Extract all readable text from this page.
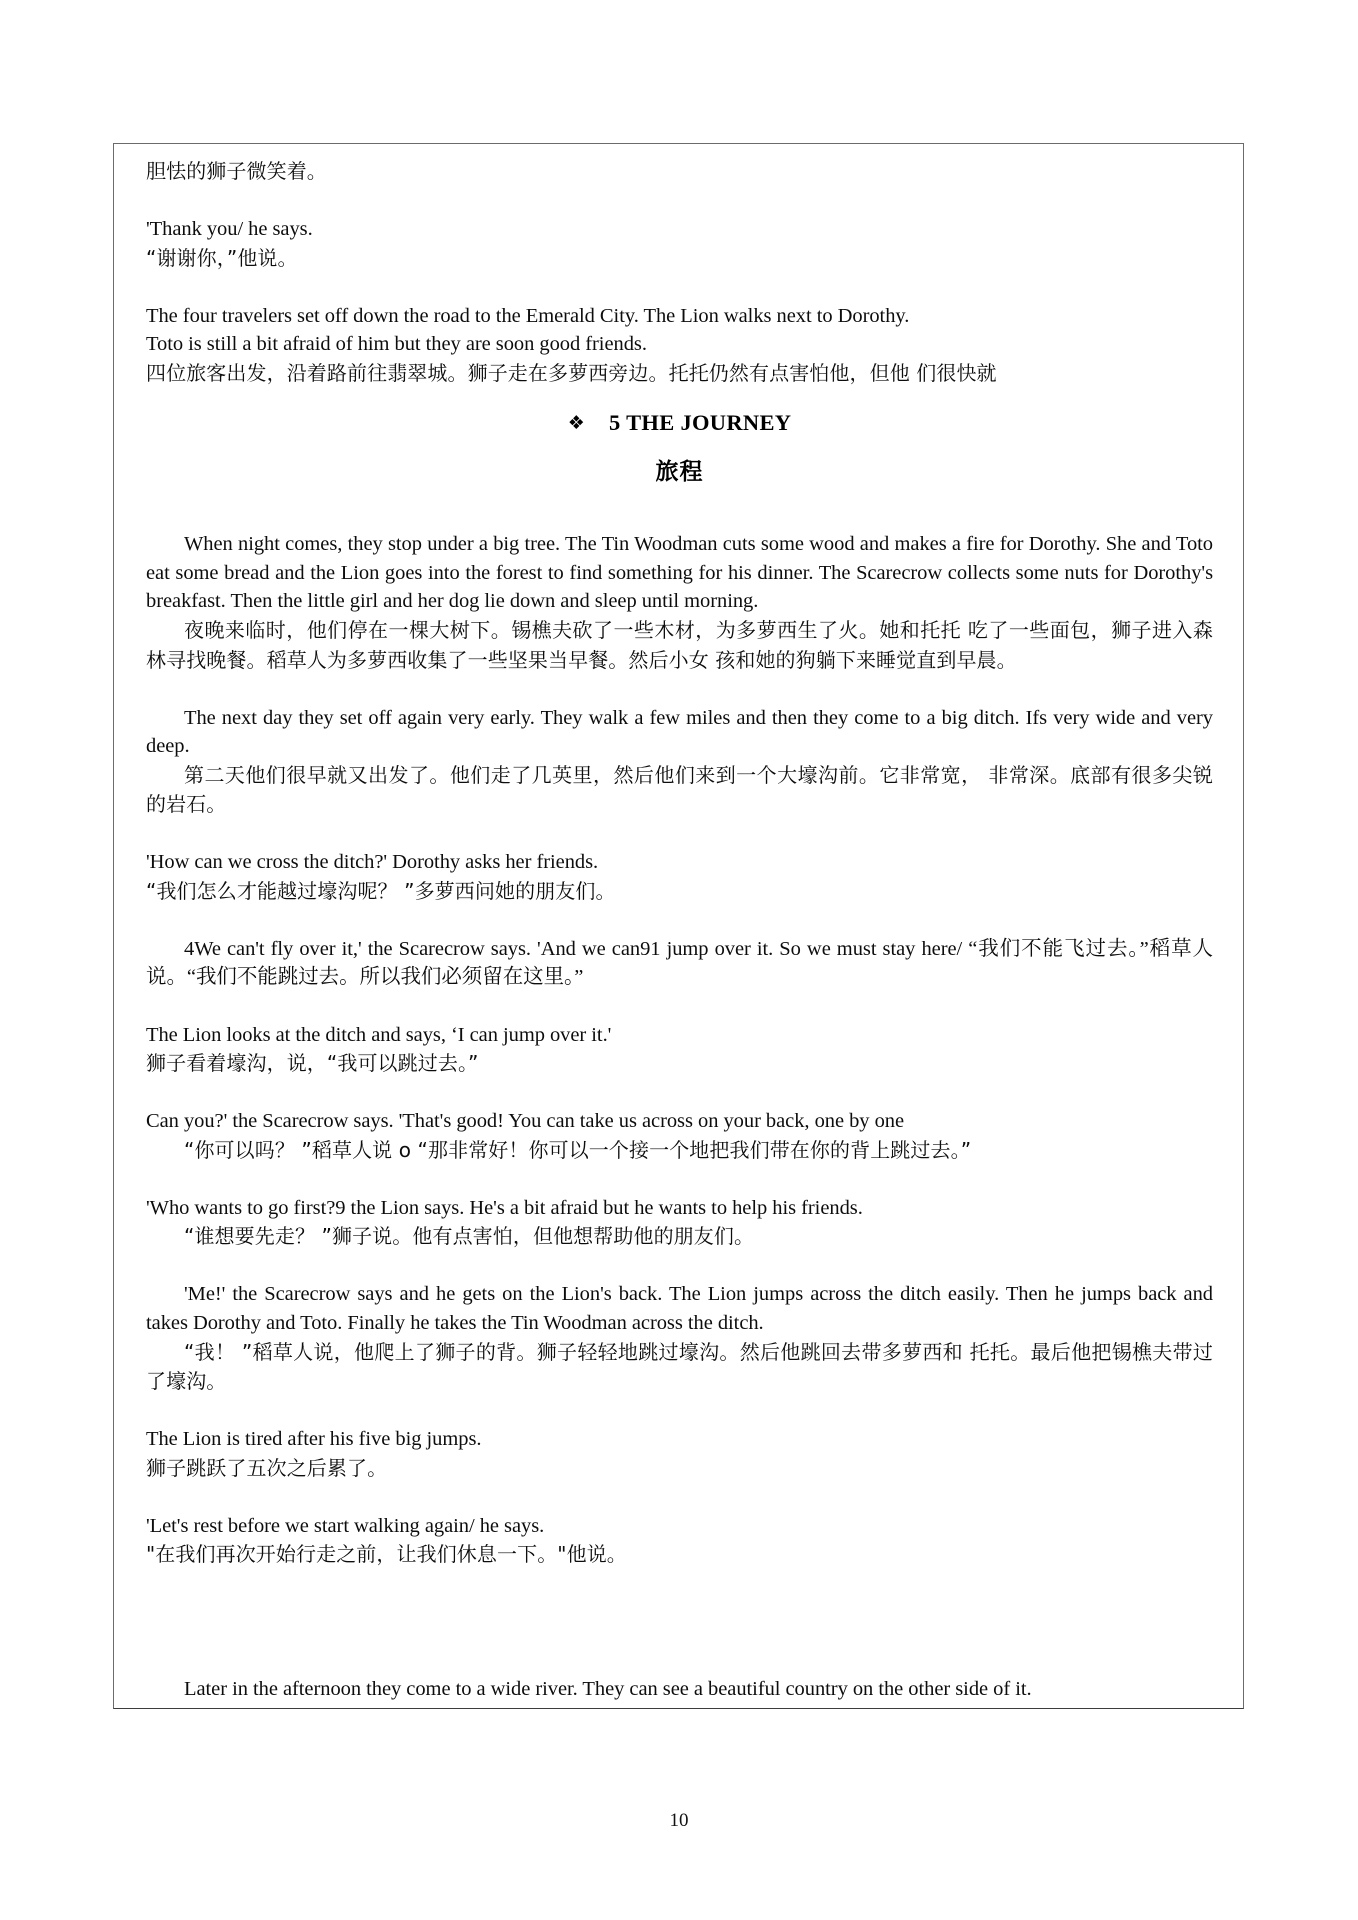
胆怯的狮子微笑着。

'Thank you/ he says.

“谢谢你，”他说。

The four travelers set off down the road to the Emerald City. The Lion walks next to Dorothy.

Toto is still a bit afraid of him but they are soon good friends.

四位旅客出发，沿着路前往翡翠城。狮子走在多萝西旁边。托托仍然有点害怕他，但他 们很快就

❖ 5 THE JOURNEY
旅程

When night comes, they stop under a big tree. The Tin Woodman cuts some wood and makes a fire for Dorothy. She and Toto eat some bread and the Lion goes into the forest to find something for his dinner. The Scarecrow collects some nuts for Dorothy's breakfast. Then the little girl and her dog lie down and sleep until morning.

夜晚来临时，他们停在一棵大树下。锡樵夫砍了一些木材，为多萝西生了火。她和托托 吃了一些面包，狮子进入森林寻找晚餐。稻草人为多萝西收集了一些坚果当早餐。然后小女 孩和她的狗躺下来睡觉直到早晨。

The next day they set off again very early. They walk a few miles and then they come to a big ditch. Ifs very wide and very deep.

第二天他们很早就又出发了。他们走了几英里，然后他们来到一个大壕沟前。它非常宽， 非常深。底部有很多尖锐的岩石。

'How can we cross the ditch?' Dorothy asks her friends.

“我们怎么才能越过壕沟呢？ ”多萝西问她的朋友们。

4We can't fly over it,' the Scarecrow says. 'And we can91 jump over it. So we must stay here/ “我们不能飞过去。”稻草人说。“我们不能跳过去。所以我们必须留在这里。”

The Lion looks at the ditch and says, ‘I can jump over it.'

狮子看着壕沟，说，“我可以跳过去。”

Can you?' the Scarecrow says. 'That's good! You can take us across on your back, one by one

“你可以吗？ ”稻草人说 o “那非常好！你可以一个接一个地把我们带在你的背上跳过去。”

'Who wants to go first?9 the Lion says. He's a bit afraid but he wants to help his friends.

“谁想要先走？ ”狮子说。他有点害怕，但他想帮助他的朋友们。

'Me!' the Scarecrow says and he gets on the Lion's back. The Lion jumps across the ditch easily. Then he jumps back and takes Dorothy and Toto. Finally he takes the Tin Woodman across the ditch.

“我！ ”稻草人说，他爬上了狮子的背。狮子轻轻地跳过壕沟。然后他跳回去带多萝西和 托托。最后他把锡樵夫带过了壕沟。

The Lion is tired after his five big jumps.

狮子跳跃了五次之后累了。

'Let's rest before we start walking again/ he says.

"在我们再次开始行走之前，让我们休息一下。"他说。

Later in the afternoon they come to a wide river. They can see a beautiful country on the other side of it.

10
